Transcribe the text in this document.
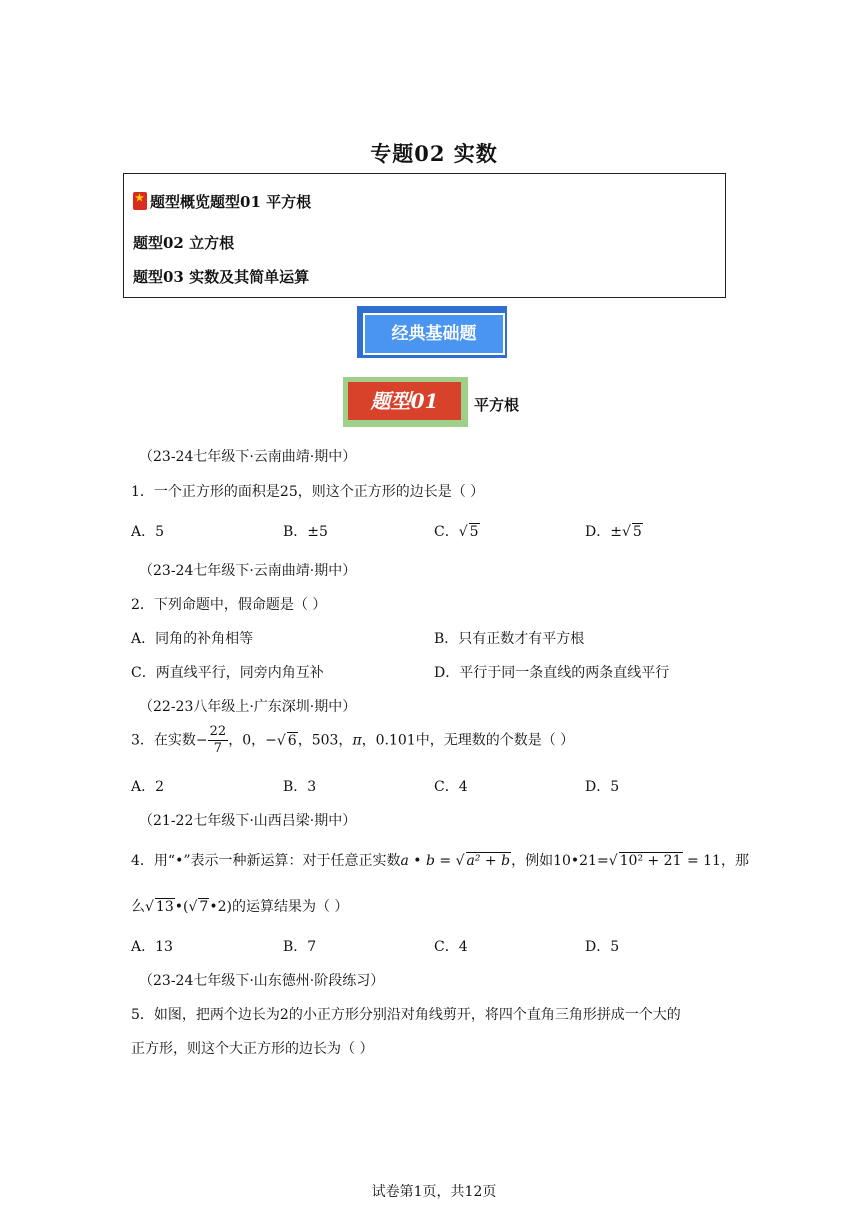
专题02 实数
★题型概览题型01 平方根
题型02 立方根
题型03 实数及其简单运算
经典基础题
题型01	平方根
（23-24七年级下·云南曲靖·期中）
1．一个正方形的面积是25，则这个正方形的边长是（ ）
A．5	B．±5	C．√ 5	D．±√ 5
（23-24七年级下·云南曲靖·期中）
2．下列命题中，假命题是（ ）
A．同角的补角相等	B．只有正数才有平方根
C．两直线平行，同旁内角互补	D．平行于同一条直线的两条直线平行
（22-23八年级上·广东深圳·期中）
3．在实数− $\frac{22}{7}$ ，0，−√ 6，503，π，0.101中，无理数的个数是（ ）
A．2	B．3	C．4	D．5
（21-22七年级下·山西吕梁·期中）
4．用“•”表示一种新运算：对于任意正实数a • b = √ a² + b，例如10•21=√ 10² + 21 = 11，那
么√ 13•(√ 7•2)的运算结果为（ ）
A．13	B．7	C．4	D．5
（23-24七年级下·山东德州·阶段练习）
5．如图，把两个边长为2的小正方形分别沿对角线剪开，将四个直角三角形拼成一个大的
正方形，则这个大正方形的边长为（ ）
试卷第1页，共12页
